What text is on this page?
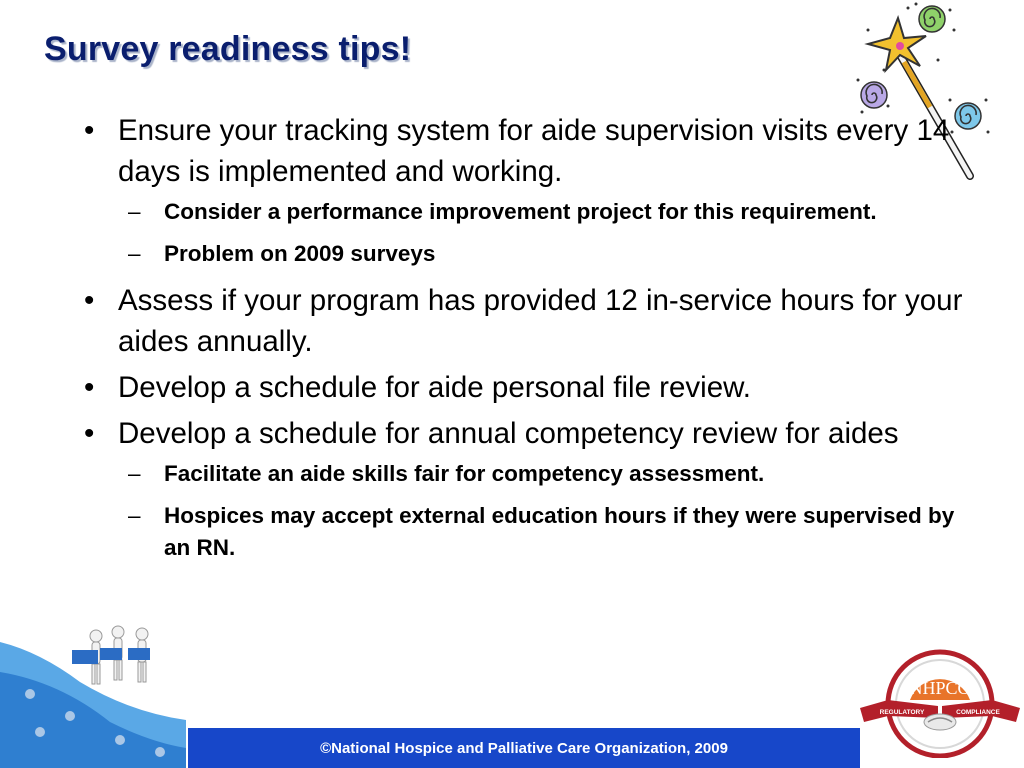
Survey readiness tips!
• Ensure your tracking system for aide supervision visits every 14 days is implemented and working.
– Consider a performance improvement project for this requirement.
– Problem on 2009 surveys
• Assess if your program has provided 12 in-service hours for your aides annually.
• Develop a schedule for aide personal file review.
• Develop a schedule for annual competency review for aides
– Facilitate an aide skills fair for competency assessment.
– Hospices may accept external education hours if they were supervised by an RN.
©National Hospice and Palliative Care Organization, 2009
NHPCO
REGULATORY	COMPLIANCE
